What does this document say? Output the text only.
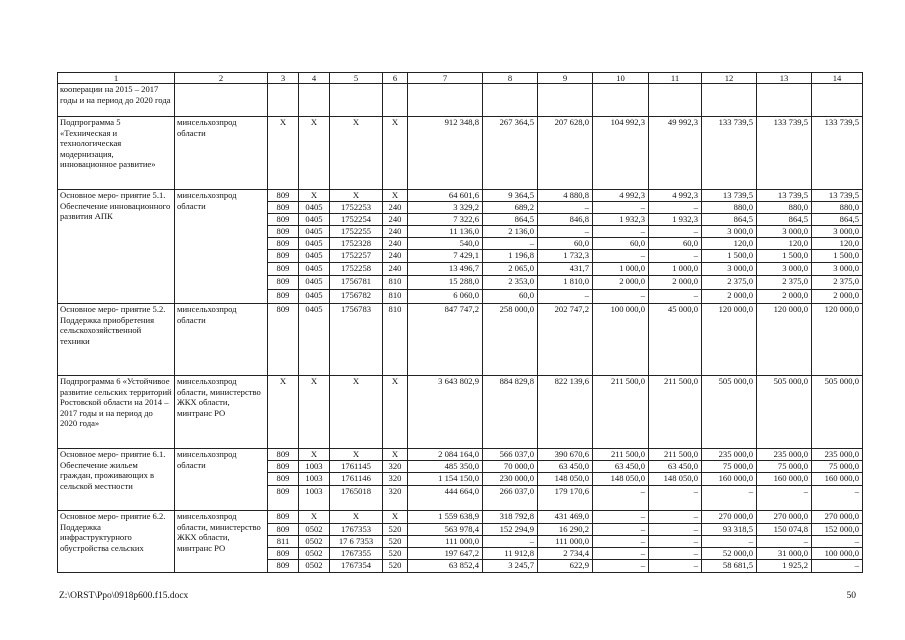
1	2	3	4	5	6	7	8	9	10	11	12	13	14
кооперации на 2015 – 2017 годы и на период до 2020 года													
Подпрограмма 5 «Техническая и технологическая модернизация, инновационное развитие»	минсельхозпрод области	X	X	X	X	912 348,8	267 364,5	207 628,0	104 992,3	49 992,3	133 739,5	133 739,5	133 739,5
Основное меро- приятие 5.1. Обеспечение инновационного развития АПК	минсельхозпрод области	809	X	X	X	64 601,6	9 364,5	4 880,8	4 992,3	4 992,3	13 739,5	13 739,5	13 739,5
		809	0405	1752253	240	3 329,2	689,2	–	–	–	880,0	880,0	880,0
		809	0405	1752254	240	7 322,6	864,5	846,8	1 932,3	1 932,3	864,5	864,5	864,5
		809	0405	1752255	240	11 136,0	2 136,0	–	–	–	3 000,0	3 000,0	3 000,0
		809	0405	1752328	240	540,0	–	60,0	60,0	60,0	120,0	120,0	120,0
		809	0405	1752257	240	7 429,1	1 196,8	1 732,3	–	–	1 500,0	1 500,0	1 500,0
		809	0405	1752258	240	13 496,7	2 065,0	431,7	1 000,0	1 000,0	3 000,0	3 000,0	3 000,0
		809	0405	1756781	810	15 288,0	2 353,0	1 810,0	2 000,0	2 000,0	2 375,0	2 375,0	2 375,0
		809	0405	1756782	810	6 060,0	60,0	–	–	–	2 000,0	2 000,0	2 000,0
Основное меро- приятие 5.2. Поддержка приобретения сельскохозяйственной техники	минсельхозпрод области	809	0405	1756783	810	847 747,2	258 000,0	202 747,2	100 000,0	45 000,0	120 000,0	120 000,0	120 000,0
Подпрограмма 6 «Устойчивое развитие сельских территорий Ростовской области на 2014 – 2017 годы и на период до 2020 года»	минсельхозпрод области, министерство ЖКХ области, минтранс РО	X	X	X	X	3 643 802,9	884 829,8	822 139,6	211 500,0	211 500,0	505 000,0	505 000,0	505 000,0
Основное меро- приятие 6.1. Обеспечение жильем граждан, проживающих в сельской местности	минсельхозпрод области	809	X	X	X	2 084 164,0	566 037,0	390 670,6	211 500,0	211 500,0	235 000,0	235 000,0	235 000,0
		809	1003	1761145	320	485 350,0	70 000,0	63 450,0	63 450,0	63 450,0	75 000,0	75 000,0	75 000,0
		809	1003	1761146	320	1 154 150,0	230 000,0	148 050,0	148 050,0	148 050,0	160 000,0	160 000,0	160 000,0
		809	1003	1765018	320	444 664,0	266 037,0	179 170,6	–	–	–	–	–
Основное меро- приятие 6.2. Поддержка инфраструктурного обустройства сельских	минсельхозпрод области, министерство ЖКХ области, минтранс РО	809	X	X	X	1 559 638,9	318 792,8	431 469,0	–	–	270 000,0	270 000,0	270 000,0
		809	0502	1767353	520	563 978,4	152 294,9	16 290,2	–	–	93 318,5	150 074,8	152 000,0
		811	0502	17 6 7353	520	111 000,0	–	111 000,0	–	–	–	–	–
		809	0502	1767355	520	197 647,2	11 912,8	2 734,4	–	–	52 000,0	31 000,0	100 000,0
		809	0502	1767354	520	63 852,4	3 245,7	622,9	–	–	58 681,5	1 925,2	–
Z:\ORST\Ppo\0918p600.f15.docx	50
